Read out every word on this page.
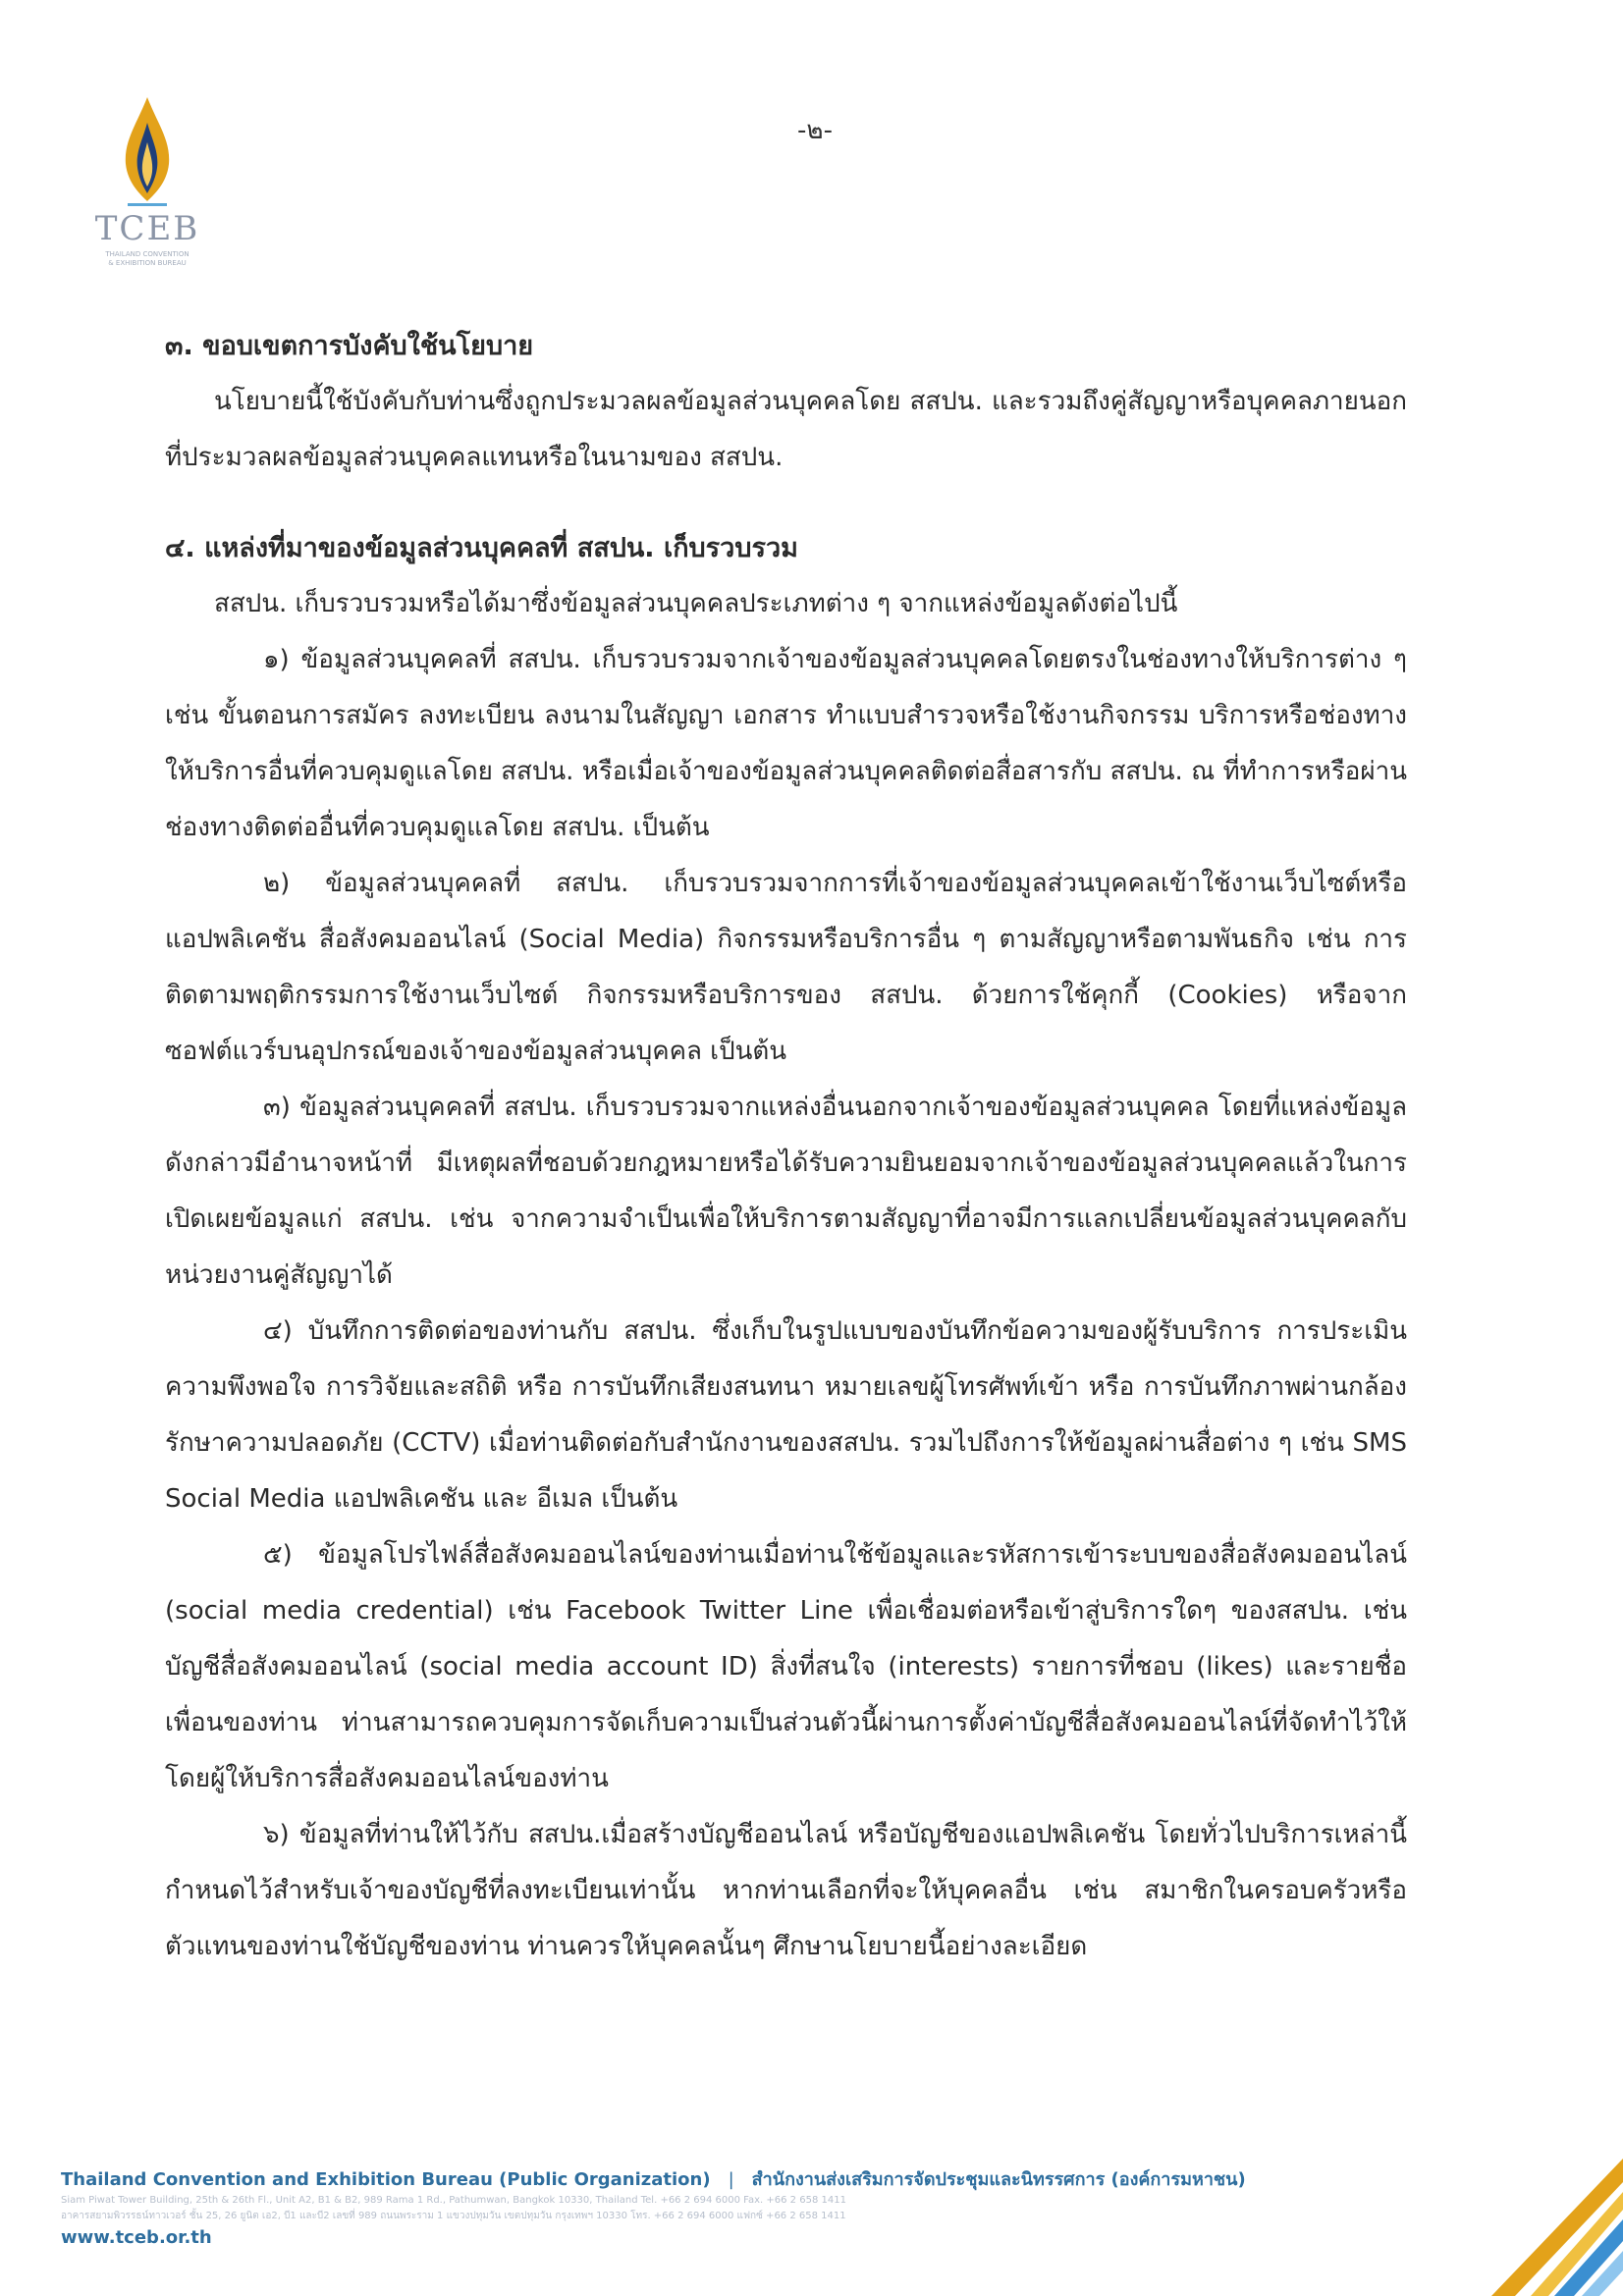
TCEB
THAILAND CONVENTION
& EXHIBITION BUREAU
-๒-

๓. ขอบเขตการบังคับใช้นโยบาย

นโยบายนี้ใช้บังคับกับท่านซึ่งถูกประมวลผลข้อมูลส่วนบุคคลโดย สสปน. และรวมถึงคู่สัญญาหรือบุคคลภายนอกที่ประมวลผลข้อมูลส่วนบุคคลแทนหรือในนามของ สสปน.

๔. แหล่งที่มาของข้อมูลส่วนบุคคลที่ สสปน. เก็บรวบรวม

สสปน. เก็บรวบรวมหรือได้มาซึ่งข้อมูลส่วนบุคคลประเภทต่าง ๆ จากแหล่งข้อมูลดังต่อไปนี้

๑) ข้อมูลส่วนบุคคลที่ สสปน. เก็บรวบรวมจากเจ้าของข้อมูลส่วนบุคคลโดยตรงในช่องทางให้บริการต่าง ๆ เช่น ขั้นตอนการสมัคร ลงทะเบียน ลงนามในสัญญา เอกสาร ทำแบบสำรวจหรือใช้งานกิจกรรม บริการหรือช่องทางให้บริการอื่นที่ควบคุมดูแลโดย สสปน. หรือเมื่อเจ้าของข้อมูลส่วนบุคคลติดต่อสื่อสารกับ สสปน. ณ ที่ทำการหรือผ่านช่องทางติดต่ออื่นที่ควบคุมดูแลโดย สสปน. เป็นต้น

๒) ข้อมูลส่วนบุคคลที่ สสปน. เก็บรวบรวมจากการที่เจ้าของข้อมูลส่วนบุคคลเข้าใช้งานเว็บไซต์หรือแอปพลิเคชัน สื่อสังคมออนไลน์ (Social Media) กิจกรรมหรือบริการอื่น ๆ ตามสัญญาหรือตามพันธกิจ เช่น การติดตามพฤติกรรมการใช้งานเว็บไซต์ กิจกรรมหรือบริการของ สสปน. ด้วยการใช้คุกกี้ (Cookies) หรือจากซอฟต์แวร์บนอุปกรณ์ของเจ้าของข้อมูลส่วนบุคคล เป็นต้น

๓) ข้อมูลส่วนบุคคลที่ สสปน. เก็บรวบรวมจากแหล่งอื่นนอกจากเจ้าของข้อมูลส่วนบุคคล โดยที่แหล่งข้อมูลดังกล่าวมีอำนาจหน้าที่ มีเหตุผลที่ชอบด้วยกฎหมายหรือได้รับความยินยอมจากเจ้าของข้อมูลส่วนบุคคลแล้วในการเปิดเผยข้อมูลแก่ สสปน. เช่น จากความจำเป็นเพื่อให้บริการตามสัญญาที่อาจมีการแลกเปลี่ยนข้อมูลส่วนบุคคลกับหน่วยงานคู่สัญญาได้

๔) บันทึกการติดต่อของท่านกับ สสปน. ซึ่งเก็บในรูปแบบของบันทึกข้อความของผู้รับบริการ การประเมินความพึงพอใจ การวิจัยและสถิติ หรือ การบันทึกเสียงสนทนา หมายเลขผู้โทรศัพท์เข้า หรือ การบันทึกภาพผ่านกล้องรักษาความปลอดภัย (CCTV) เมื่อท่านติดต่อกับสำนักงานของสสปน. รวมไปถึงการให้ข้อมูลผ่านสื่อต่าง ๆ เช่น SMS Social Media แอปพลิเคชัน และ อีเมล เป็นต้น

๕) ข้อมูลโปรไฟล์สื่อสังคมออนไลน์ของท่านเมื่อท่านใช้ข้อมูลและรหัสการเข้าระบบของสื่อสังคมออนไลน์ (social media credential) เช่น Facebook Twitter Line เพื่อเชื่อมต่อหรือเข้าสู่บริการใดๆ ของสสปน. เช่น บัญชีสื่อสังคมออนไลน์ (social media account ID) สิ่งที่สนใจ (interests) รายการที่ชอบ (likes) และรายชื่อเพื่อนของท่าน ท่านสามารถควบคุมการจัดเก็บความเป็นส่วนตัวนี้ผ่านการตั้งค่าบัญชีสื่อสังคมออนไลน์ที่จัดทำไว้ให้โดยผู้ให้บริการสื่อสังคมออนไลน์ของท่าน

๖) ข้อมูลที่ท่านให้ไว้กับ สสปน.เมื่อสร้างบัญชีออนไลน์ หรือบัญชีของแอปพลิเคชัน โดยทั่วไปบริการเหล่านี้กำหนดไว้สำหรับเจ้าของบัญชีที่ลงทะเบียนเท่านั้น หากท่านเลือกที่จะให้บุคคลอื่น เช่น สมาชิกในครอบครัวหรือตัวแทนของท่านใช้บัญชีของท่าน ท่านควรให้บุคคลนั้นๆ ศึกษานโยบายนี้อย่างละเอียด

Thailand Convention and Exhibition Bureau (Public Organization) | สำนักงานส่งเสริมการจัดประชุมและนิทรรศการ (องค์การมหาชน)
Siam Piwat Tower Building, 25th & 26th Fl., Unit A2, B1 & B2, 989 Rama 1 Rd., Pathumwan, Bangkok 10330, Thailand Tel. +66 2 694 6000 Fax. +66 2 658 1411
อาคารสยามพิวรรธน์ทาวเวอร์ ชั้น 25, 26 ยูนิต เอ2, บี1 และบี2 เลขที่ 989 ถนนพระราม 1 แขวงปทุมวัน เขตปทุมวัน กรุงเทพฯ 10330 โทร. +66 2 694 6000 แฟกซ์ +66 2 658 1411
www.tceb.or.th
